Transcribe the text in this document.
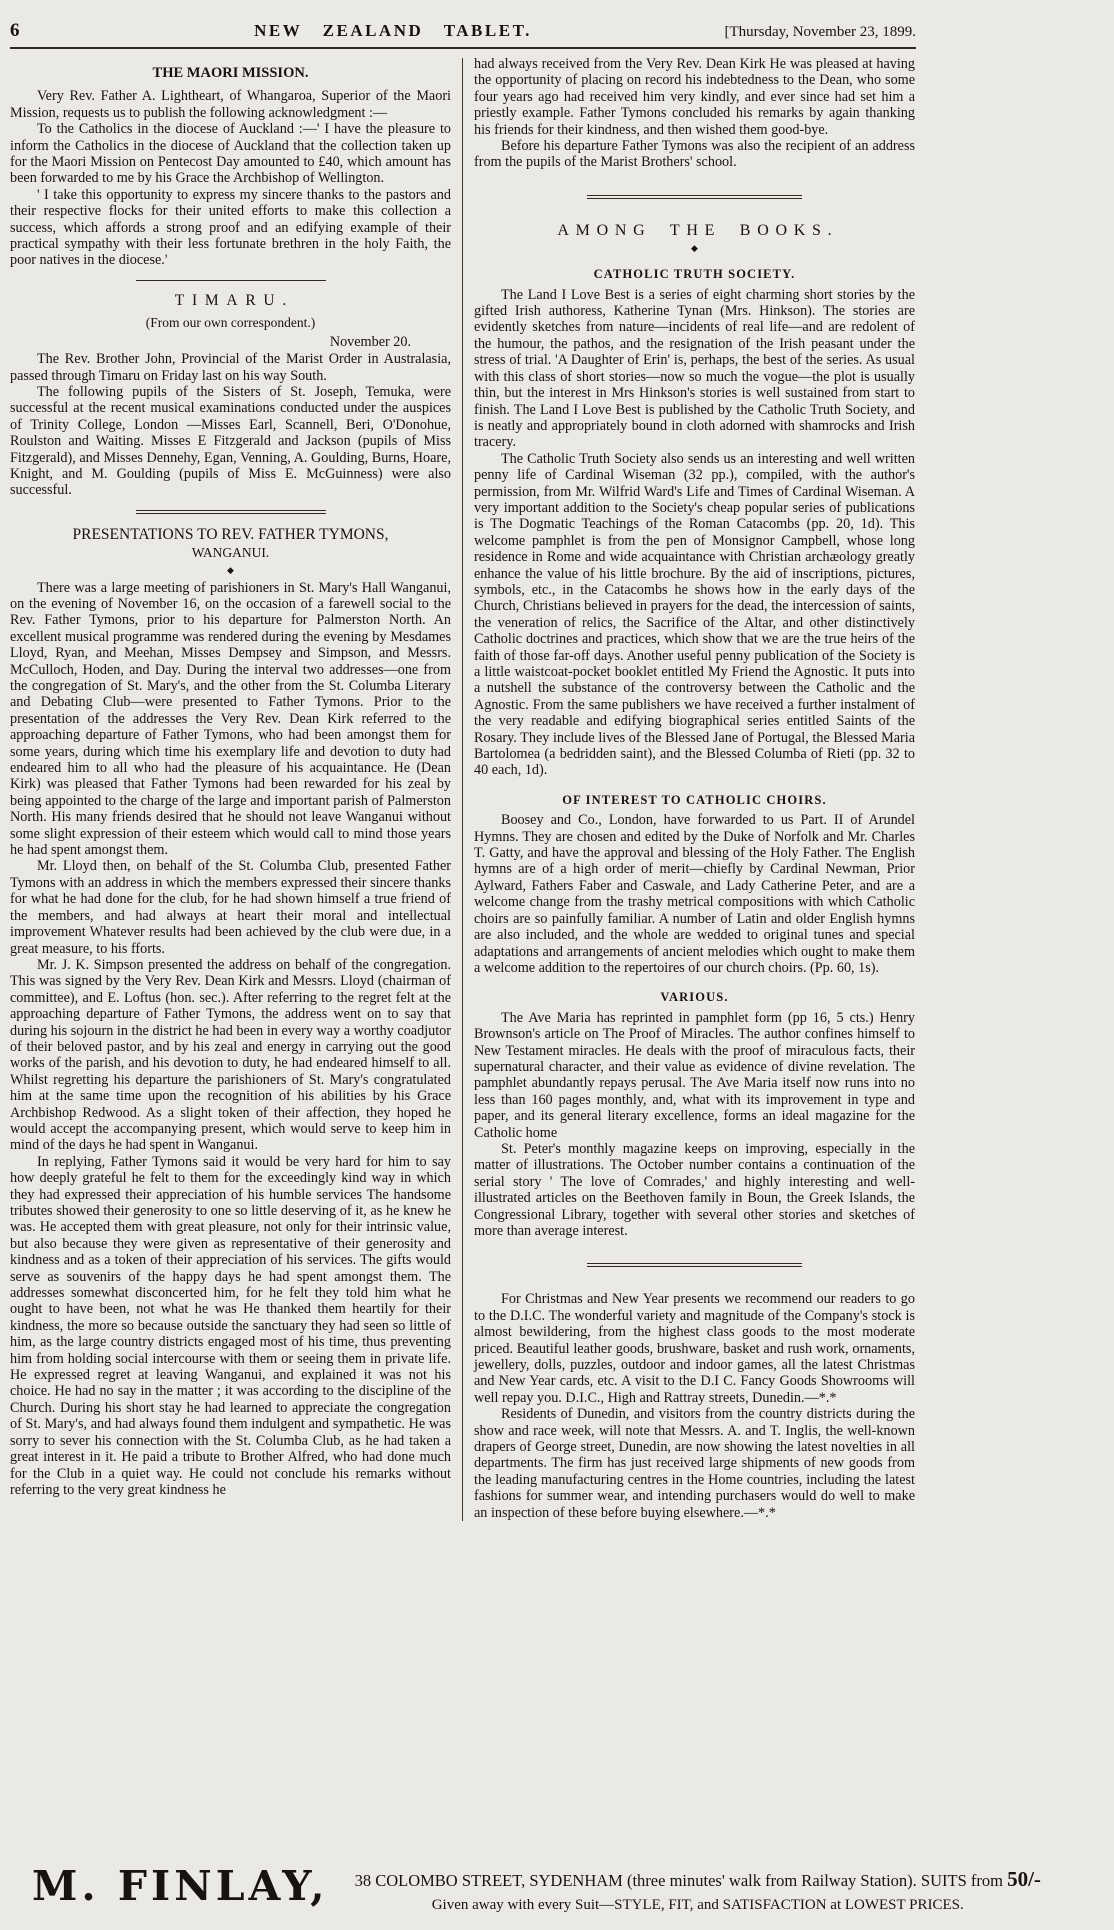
6	NEW ZEALAND TABLET.	[Thursday, November 23, 1899.
THE MAORI MISSION.

Very Rev. Father A. Lightheart, of Whangaroa, Superior of the Maori Mission, requests us to publish the following acknowledgment :—

To the Catholics in the diocese of Auckland :—' I have the pleasure to inform the Catholics in the diocese of Auckland that the collection taken up for the Maori Mission on Pentecost Day amounted to £40, which amount has been forwarded to me by his Grace the Archbishop of Wellington.

' I take this opportunity to express my sincere thanks to the pastors and their respective flocks for their united efforts to make this collection a success, which affords a strong proof and an edifying example of their practical sympathy with their less fortunate brethren in the holy Faith, the poor natives in the diocese.'

TIMARU.

(From our own correspondent.)

November 20.

The Rev. Brother John, Provincial of the Marist Order in Australasia, passed through Timaru on Friday last on his way South.

The following pupils of the Sisters of St. Joseph, Temuka, were successful at the recent musical examinations conducted under the auspices of Trinity College, London —Misses Earl, Scannell, Beri, O'Donohue, Roulston and Waiting. Misses E Fitzgerald and Jackson (pupils of Miss Fitzgerald), and Misses Dennehy, Egan, Venning, A. Goulding, Burns, Hoare, Knight, and M. Goulding (pupils of Miss E. McGuinness) were also successful.

PRESENTATIONS TO REV. FATHER TYMONS,
WANGANUI.
◆

There was a large meeting of parishioners in St. Mary's Hall Wanganui, on the evening of November 16, on the occasion of a farewell social to the Rev. Father Tymons, prior to his departure for Palmerston North. An excellent musical programme was rendered during the evening by Mesdames Lloyd, Ryan, and Meehan, Misses Dempsey and Simpson, and Messrs. McCulloch, Hoden, and Day. During the interval two addresses—one from the congregation of St. Mary's, and the other from the St. Columba Literary and Debating Club—were presented to Father Tymons. Prior to the presentation of the addresses the Very Rev. Dean Kirk referred to the approaching departure of Father Tymons, who had been amongst them for some years, during which time his exemplary life and devotion to duty had endeared him to all who had the pleasure of his acquaintance. He (Dean Kirk) was pleased that Father Tymons had been rewarded for his zeal by being appointed to the charge of the large and important parish of Palmerston North. His many friends desired that he should not leave Wanganui without some slight expression of their esteem which would call to mind those years he had spent amongst them.

Mr. Lloyd then, on behalf of the St. Columba Club, presented Father Tymons with an address in which the members expressed their sincere thanks for what he had done for the club, for he had shown himself a true friend of the members, and had always at heart their moral and intellectual improvement Whatever results had been achieved by the club were due, in a great measure, to his fforts.

Mr. J. K. Simpson presented the address on behalf of the congregation. This was signed by the Very Rev. Dean Kirk and Messrs. Lloyd (chairman of committee), and E. Loftus (hon. sec.). After referring to the regret felt at the approaching departure of Father Tymons, the address went on to say that during his sojourn in the district he had been in every way a worthy coadjutor of their beloved pastor, and by his zeal and energy in carrying out the good works of the parish, and his devotion to duty, he had endeared himself to all. Whilst regretting his departure the parishioners of St. Mary's congratulated him at the same time upon the recognition of his abilities by his Grace Archbishop Redwood. As a slight token of their affection, they hoped he would accept the accompanying present, which would serve to keep him in mind of the days he had spent in Wanganui.

In replying, Father Tymons said it would be very hard for him to say how deeply grateful he felt to them for the exceedingly kind way in which they had expressed their appreciation of his humble services The handsome tributes showed their generosity to one so little deserving of it, as he knew he was. He accepted them with great pleasure, not only for their intrinsic value, but also because they were given as representative of their generosity and kindness and as a token of their appreciation of his services. The gifts would serve as souvenirs of the happy days he had spent amongst them. The addresses somewhat disconcerted him, for he felt they told him what he ought to have been, not what he was He thanked them heartily for their kindness, the more so because outside the sanctuary they had seen so little of him, as the large country districts engaged most of his time, thus preventing him from holding social intercourse with them or seeing them in private life. He expressed regret at leaving Wanganui, and explained it was not his choice. He had no say in the matter ; it was according to the discipline of the Church. During his short stay he had learned to appreciate the congregation of St. Mary's, and had always found them indulgent and sympathetic. He was sorry to sever his connection with the St. Columba Club, as he had taken a great interest in it. He paid a tribute to Brother Alfred, who had done much for the Club in a quiet way. He could not conclude his remarks without referring to the very great kindness he

had always received from the Very Rev. Dean Kirk He was pleased at having the opportunity of placing on record his indebtedness to the Dean, who some four years ago had received him very kindly, and ever since had set him a priestly example. Father Tymons concluded his remarks by again thanking his friends for their kindness, and then wished them good-bye.

Before his departure Father Tymons was also the recipient of an address from the pupils of the Marist Brothers' school.

AMONG THE BOOKS.
◆
CATHOLIC TRUTH SOCIETY.

The Land I Love Best is a series of eight charming short stories by the gifted Irish authoress, Katherine Tynan (Mrs. Hinkson). The stories are evidently sketches from nature—incidents of real life—and are redolent of the humour, the pathos, and the resignation of the Irish peasant under the stress of trial. 'A Daughter of Erin' is, perhaps, the best of the series. As usual with this class of short stories—now so much the vogue—the plot is usually thin, but the interest in Mrs Hinkson's stories is well sustained from start to finish. The Land I Love Best is published by the Catholic Truth Society, and is neatly and appropriately bound in cloth adorned with shamrocks and Irish tracery.

The Catholic Truth Society also sends us an interesting and well written penny life of Cardinal Wiseman (32 pp.), compiled, with the author's permission, from Mr. Wilfrid Ward's Life and Times of Cardinal Wiseman. A very important addition to the Society's cheap popular series of publications is The Dogmatic Teachings of the Roman Catacombs (pp. 20, 1d). This welcome pamphlet is from the pen of Monsignor Campbell, whose long residence in Rome and wide acquaintance with Christian archæology greatly enhance the value of his little brochure. By the aid of inscriptions, pictures, symbols, etc., in the Catacombs he shows how in the early days of the Church, Christians believed in prayers for the dead, the intercession of saints, the veneration of relics, the Sacrifice of the Altar, and other distinctively Catholic doctrines and practices, which show that we are the true heirs of the faith of those far-off days. Another useful penny publication of the Society is a little waistcoat-pocket booklet entitled My Friend the Agnostic. It puts into a nutshell the substance of the controversy between the Catholic and the Agnostic. From the same publishers we have received a further instalment of the very readable and edifying biographical series entitled Saints of the Rosary. They include lives of the Blessed Jane of Portugal, the Blessed Maria Bartolomea (a bedridden saint), and the Blessed Columba of Rieti (pp. 32 to 40 each, 1d).

OF INTEREST TO CATHOLIC CHOIRS.

Boosey and Co., London, have forwarded to us Part. II of Arundel Hymns. They are chosen and edited by the Duke of Norfolk and Mr. Charles T. Gatty, and have the approval and blessing of the Holy Father. The English hymns are of a high order of merit—chiefly by Cardinal Newman, Prior Aylward, Fathers Faber and Caswale, and Lady Catherine Peter, and are a welcome change from the trashy metrical compositions with which Catholic choirs are so painfully familiar. A number of Latin and older English hymns are also included, and the whole are wedded to original tunes and special adaptations and arrangements of ancient melodies which ought to make them a welcome addition to the repertoires of our church choirs. (Pp. 60, 1s).

VARIOUS.

The Ave Maria has reprinted in pamphlet form (pp 16, 5 cts.) Henry Brownson's article on The Proof of Miracles. The author confines himself to New Testament miracles. He deals with the proof of miraculous facts, their supernatural character, and their value as evidence of divine revelation. The pamphlet abundantly repays perusal. The Ave Maria itself now runs into no less than 160 pages monthly, and, what with its improvement in type and paper, and its general literary excellence, forms an ideal magazine for the Catholic home

St. Peter's monthly magazine keeps on improving, especially in the matter of illustrations. The October number contains a continuation of the serial story ' The love of Comrades,' and highly interesting and well-illustrated articles on the Beethoven family in Boun, the Greek Islands, the Congressional Library, together with several other stories and sketches of more than average interest.

For Christmas and New Year presents we recommend our readers to go to the D.I.C. The wonderful variety and magnitude of the Company's stock is almost bewildering, from the highest class goods to the most moderate priced. Beautiful leather goods, brushware, basket and rush work, ornaments, jewellery, dolls, puzzles, outdoor and indoor games, all the latest Christmas and New Year cards, etc. A visit to the D.I C. Fancy Goods Showrooms will well repay you. D.I.C., High and Rattray streets, Dunedin.—*.*

Residents of Dunedin, and visitors from the country districts during the show and race week, will note that Messrs. A. and T. Inglis, the well-known drapers of George street, Dunedin, are now showing the latest novelties in all departments. The firm has just received large shipments of new goods from the leading manufacturing centres in the Home countries, including the latest fashions for summer wear, and intending purchasers would do well to make an inspection of these before buying elsewhere.—*.*

M. FINLAY, 38 COLOMBO STREET, SYDENHAM (three minutes' walk from Railway Station). SUITS from 50/-
Given away with every Suit—STYLE, FIT, and SATISFACTION at LOWEST PRICES.
